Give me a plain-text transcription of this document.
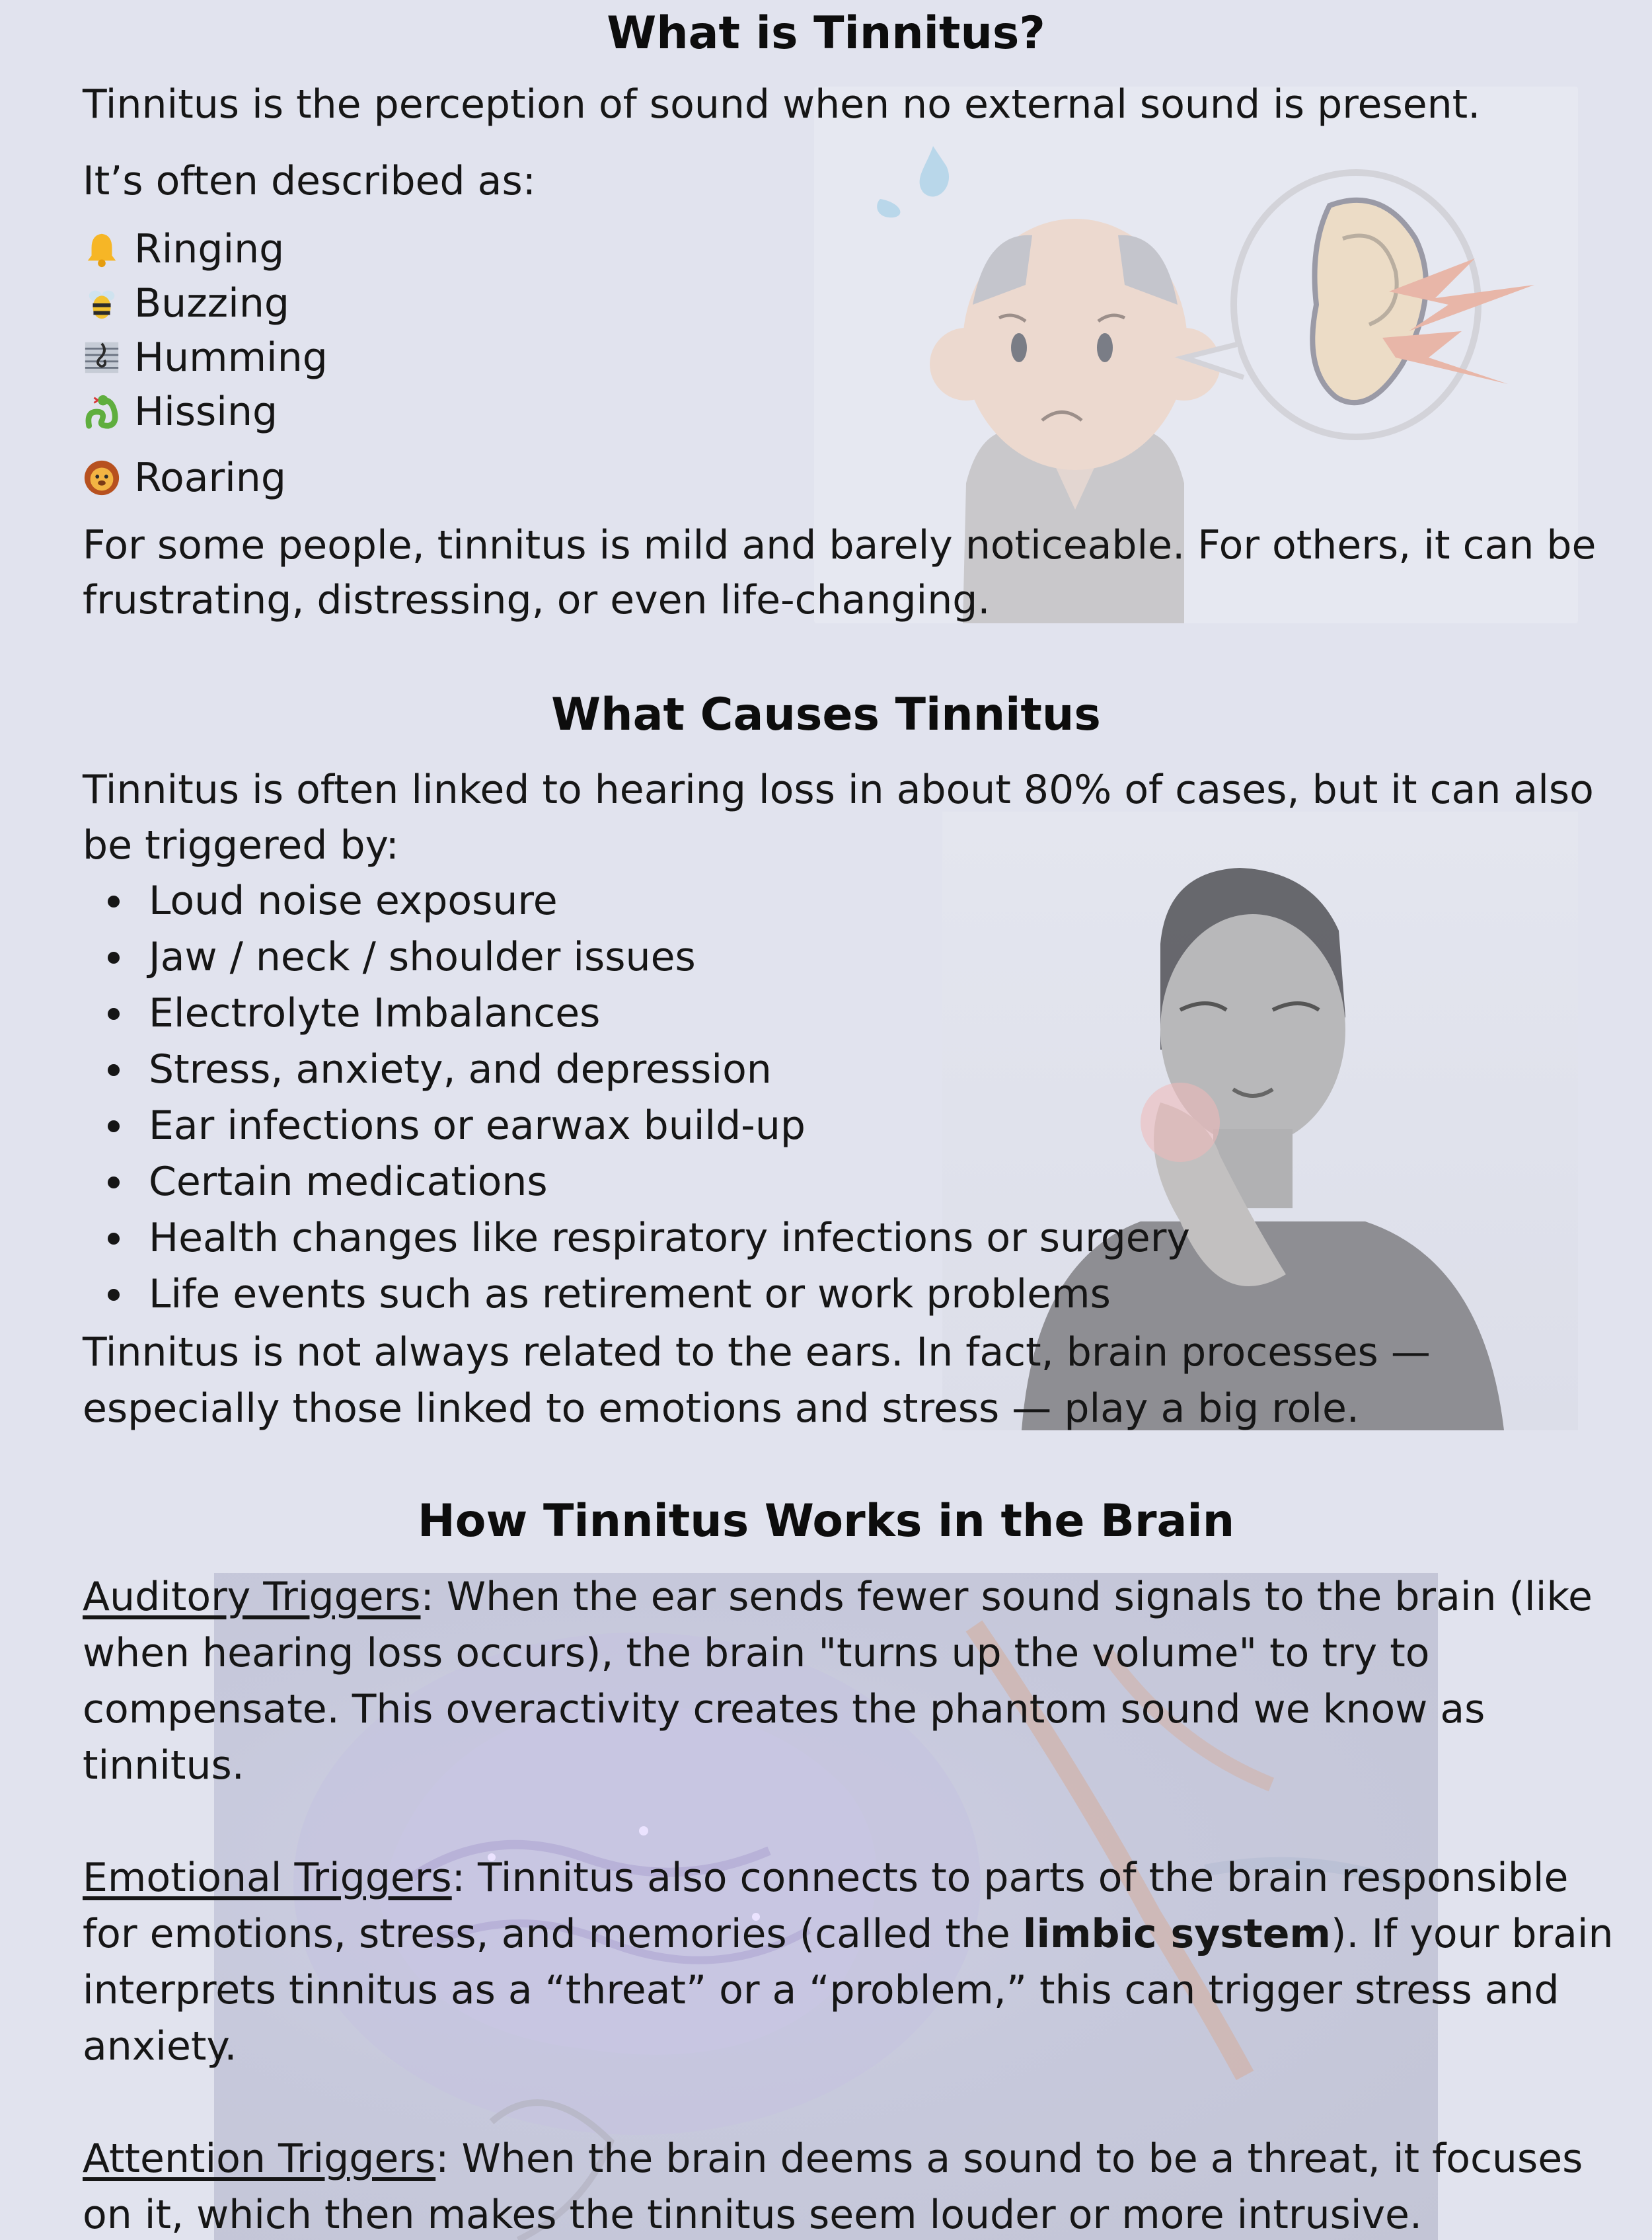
What is Tinnitus?

Tinnitus is the perception of sound when no external sound is present.

It’s often described as:

Ringing
Buzzing
Humming
Hissing
Roaring

For some people, tinnitus is mild and barely noticeable. For others, it can be

frustrating, distressing, or even life-changing.

What Causes Tinnitus

Tinnitus is often linked to hearing loss in about 80% of cases, but it can also

be triggered by:

Loud noise exposure
Jaw / neck / shoulder issues
Electrolyte Imbalances
Stress, anxiety, and depression
Ear infections or earwax build-up
Certain medications
Health changes like respiratory infections or surgery
Life events such as retirement or work problems

Tinnitus is not always related to the ears. In fact, brain processes —

especially those linked to emotions and stress — play a big role.

How Tinnitus Works in the Brain

Auditory Triggers: When the ear sends fewer sound signals to the brain (like

when hearing loss occurs), the brain "turns up the volume" to try to

compensate. This overactivity creates the phantom sound we know as

tinnitus.

Emotional Triggers: Tinnitus also connects to parts of the brain responsible

for emotions, stress, and memories (called the limbic system). If your brain

interprets tinnitus as a “threat” or a “problem,” this can trigger stress and

anxiety.

Attention Triggers: When the brain deems a sound to be a threat, it focuses

on it, which then makes the tinnitus seem louder or more intrusive.
